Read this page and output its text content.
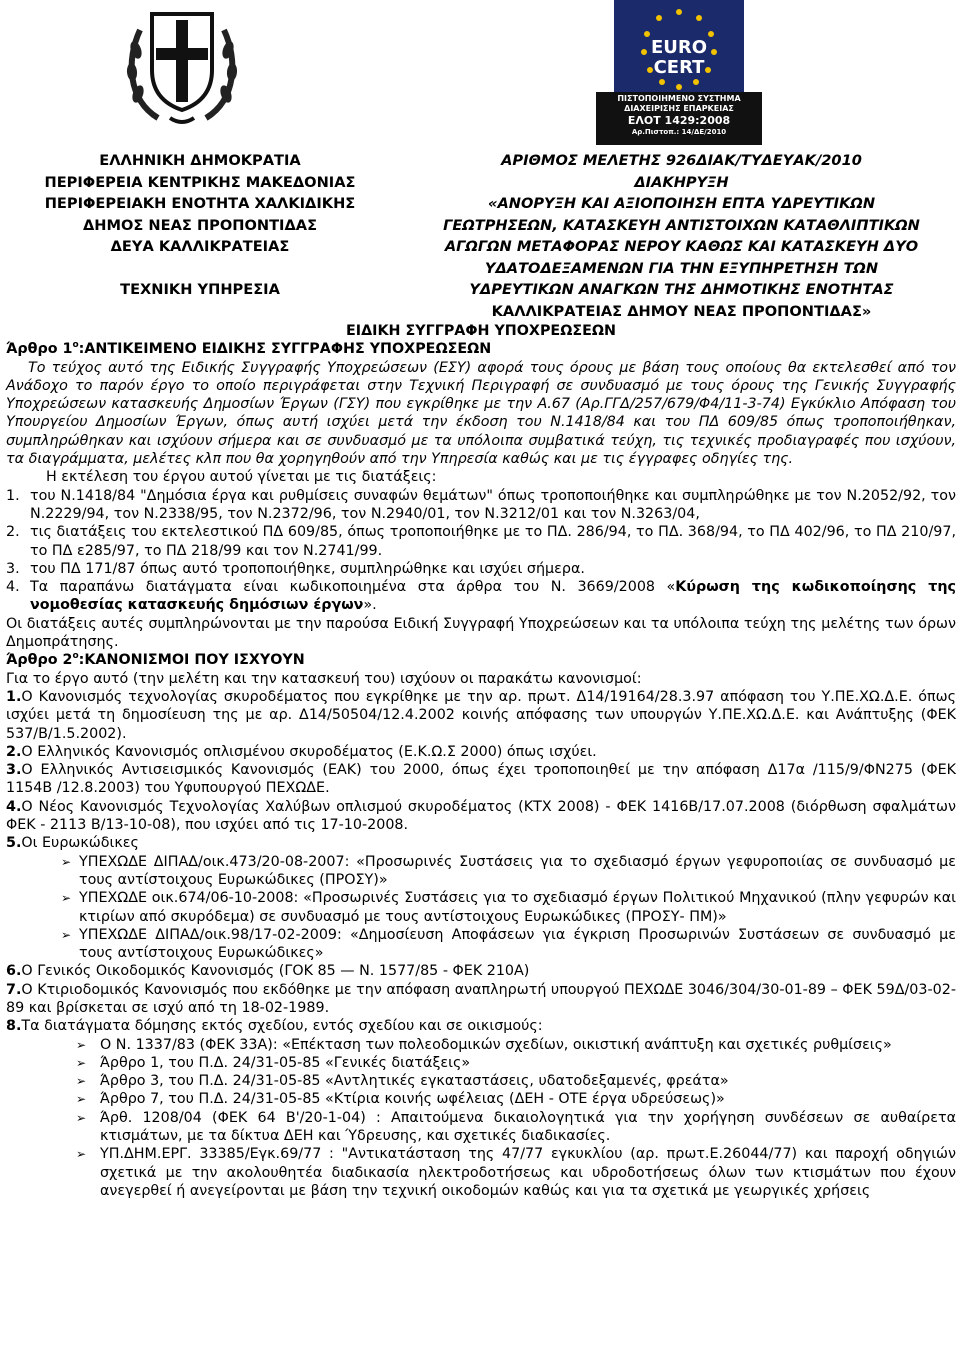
EURO
CERT
ΠΙΣΤΟΠΟΙΗΜΕΝΟ ΣΥΣΤΗΜΑ
ΔΙΑΧΕΙΡΙΣΗΣ ΕΠΑΡΚΕΙΑΣ
ΕΛΟΤ 1429:2008
Αρ.Πιστοπ.: 14/ΔΕ/2010
ΕΛΛΗΝΙΚΗ ΔΗΜΟΚΡΑΤΙΑ
ΠΕΡΙΦΕΡΕΙΑ ΚΕΝΤΡΙΚΗΣ ΜΑΚΕΔΟΝΙΑΣ
ΠΕΡΙΦΕΡΕΙΑΚΗ ΕΝΟΤΗΤΑ ΧΑΛΚΙΔΙΚΗΣ
ΔΗΜΟΣ ΝΕΑΣ ΠΡΟΠΟΝΤΙΔΑΣ
ΔΕΥΑ ΚΑΛΛΙΚΡΑΤΕΙΑΣ
ΤΕΧΝΙΚΗ ΥΠΗΡΕΣΙΑ
ΑΡΙΘΜΟΣ ΜΕΛΕΤΗΣ 926ΔΙΑΚ/ΤΥΔΕΥΑΚ/2010
ΔΙΑΚΗΡΥΞΗ
«ΑΝΟΡΥΞΗ ΚΑΙ ΑΞΙΟΠΟΙΗΣΗ ΕΠΤΑ ΥΔΡΕΥΤΙΚΩΝ
ΓΕΩΤΡΗΣΕΩΝ, ΚΑΤΑΣΚΕΥΗ ΑΝΤΙΣΤΟΙΧΩΝ ΚΑΤΑΘΛΙΠΤΙΚΩΝ
ΑΓΩΓΩΝ ΜΕΤΑΦΟΡΑΣ ΝΕΡΟΥ ΚΑΘΩΣ ΚΑΙ ΚΑΤΑΣΚΕΥΗ ΔΥΟ
ΥΔΑΤΟΔΕΞΑΜΕΝΩΝ ΓΙΑ ΤΗΝ ΕΞΥΠΗΡΕΤΗΣΗ ΤΩΝ
ΥΔΡΕΥΤΙΚΩΝ ΑΝΑΓΚΩΝ ΤΗΣ ΔΗΜΟΤΙΚΗΣ ΕΝΟΤΗΤΑΣ
ΚΑΛΛΙΚΡΑΤΕΙΑΣ ΔΗΜΟΥ ΝΕΑΣ ΠΡΟΠΟΝΤΙΔΑΣ»
ΕΙΔΙΚΗ ΣΥΓΓΡΑΦΗ ΥΠΟΧΡΕΩΣΕΩΝ

Άρθρο $1^o:ANTIKEIMENO$ ΕΙΔΙΚΗΣ ΣΥΓΓΡΑΦΗΣ ΥΠΟΧΡΕΩΣΕΩΝ

Το τεύχος αυτό της Ειδικής Συγγραφής Υποχρεώσεων (ΕΣΥ) αφορά τους όρους με βάση τους οποίους θα εκτελεσθεί από τον Ανάδοχο το παρόν έργο το οποίο περιγράφεται στην Τεχνική Περιγραφή σε συνδυασμό με τους όρους της Γενικής Συγγραφής Υποχρεώσεων κατασκευής Δημοσίων Έργων (ΓΣΥ) που εγκρίθηκε με την Α.67 (Αρ.ΓΓΔ/257/679/Φ4/11-3-74) Εγκύκλιο Απόφαση του Υπουργείου Δημοσίων Έργων, όπως αυτή ισχύει μετά την έκδοση του Ν.1418/84 και του ΠΔ 609/85 όπως τροποποιήθηκαν, συμπληρώθηκαν και ισχύουν σήμερα και σε συνδυασμό με τα υπόλοιπα συμβατικά τεύχη, τις τεχνικές προδιαγραφές που ισχύουν, τα διαγράμματα, μελέτες κλπ που θα χορηγηθούν από την Υπηρεσία καθώς και με τις έγγραφες οδηγίες της.

Η εκτέλεση του έργου αυτού γίνεται με τις διατάξεις:

1. του Ν.1418/84 "Δημόσια έργα και ρυθμίσεις συναφών θεμάτων" όπως τροποποιήθηκε και συμπληρώθηκε με τον Ν.2052/92, τον Ν.2229/94, τον Ν.2338/95, τον Ν.2372/96, τον Ν.2940/01, τον Ν.3212/01 και τον Ν.3263/04,
2. τις διατάξεις του εκτελεστικού ΠΔ 609/85, όπως τροποποιήθηκε με το ΠΔ. 286/94, το ΠΔ. 368/94, το ΠΔ 402/96, το ΠΔ 210/97, το ΠΔ ε285/97, το ΠΔ 218/99 και τον Ν.2741/99.
3. του ΠΔ 171/87 όπως αυτό τροποποιήθηκε, συμπληρώθηκε και ισχύει σήμερα.
4. Τα παραπάνω διατάγματα είναι κωδικοποιημένα στα άρθρα του Ν. 3669/2008 «Κύρωση της κωδικοποίησης της νομοθεσίας κατασκευής δημόσιων έργων».

Οι διατάξεις αυτές συμπληρώνονται με την παρούσα Ειδική Συγγραφή Υποχρεώσεων και τα υπόλοιπα τεύχη της μελέτης των όρων Δημοπράτησης.

Άρθρο $2^o:KANONI\Sigma MOI$ ΠΟΥ ΙΣΧΥΟΥΝ

Για το έργο αυτό (την μελέτη και την κατασκευή του) ισχύουν οι παρακάτω κανονισμοί:

1.Ο Κανονισμός τεχνολογίας σκυροδέματος που εγκρίθηκε με την αρ. πρωτ. Δ14/19164/28.3.97 απόφαση του Υ.ΠΕ.ΧΩ.Δ.Ε. όπως ισχύει μετά τη δημοσίευση της με αρ. Δ14/50504/12.4.2002 κοινής απόφασης των υπουργών Υ.ΠΕ.ΧΩ.Δ.Ε. και Ανάπτυξης (ΦΕΚ 537/Β/1.5.2002).

2.Ο Ελληνικός Κανονισμός οπλισμένου σκυροδέματος (Ε.Κ.Ω.Σ 2000) όπως ισχύει.

3.Ο Ελληνικός Αντισεισμικός Κανονισμός (ΕΑΚ) του 2000, όπως έχει τροποποιηθεί με την απόφαση Δ17α /115/9/ΦΝ275 (ΦΕΚ 1154Β /12.8.2003) του Υφυπουργού ΠΕΧΩΔΕ.

4.Ο Νέος Κανονισμός Τεχνολογίας Χαλύβων οπλισμού σκυροδέματος (ΚΤΧ 2008) - ΦΕΚ 1416Β/17.07.2008 (διόρθωση σφαλμάτων ΦΕΚ - 2113 Β/13-10-08), που ισχύει από τις 17-10-2008.

5.Οι Ευρωκώδικες

➢ ΥΠΕΧΩΔΕ ΔΙΠΑΔ/οικ.473/20-08-2007: «Προσωρινές Συστάσεις για το σχεδιασμό έργων γεφυροποιίας σε συνδυασμό με τους αντίστοιχους Ευρωκώδικες (ΠΡΟΣΥ)»
➢ ΥΠΕΧΩΔΕ οικ.674/06-10-2008: «Προσωρινές Συστάσεις για το σχεδιασμό έργων Πολιτικού Μηχανικού (πλην γεφυρών και κτιρίων από σκυρόδεμα) σε συνδυασμό με τους αντίστοιχους Ευρωκώδικες (ΠΡΟΣΥ- ΠΜ)»
➢ ΥΠΕΧΩΔΕ ΔΙΠΑΔ/οικ.98/17-02-2009: «Δημοσίευση Αποφάσεων για έγκριση Προσωρινών Συστάσεων σε συνδυασμό με τους αντίστοιχους Ευρωκώδικες»

6.Ο Γενικός Οικοδομικός Κανονισμός (ΓΟΚ 85 — Ν. 1577/85 - ΦΕΚ 210Α)

7.Ο Κτιριοδομικός Κανονισμός που εκδόθηκε με την απόφαση αναπληρωτή υπουργού ΠΕΧΩΔΕ 3046/304/30-01-89 – ΦΕΚ 59Δ/03-02-89 και βρίσκεται σε ισχύ από τη 18-02-1989.

8.Τα διατάγματα δόμησης εκτός σχεδίου, εντός σχεδίου και σε οικισμούς:

➢ Ο Ν. 1337/83 (ΦΕΚ 33Α): «Επέκταση των πολεοδομικών σχεδίων, οικιστική ανάπτυξη και σχετικές ρυθμίσεις»
➢ Άρθρο 1, του Π.Δ. 24/31-05-85 «Γενικές διατάξεις»
➢ Άρθρο 3, του Π.Δ. 24/31-05-85 «Αντλητικές εγκαταστάσεις, υδατοδεξαμενές, φρεάτα»
➢ Άρθρο 7, του Π.Δ. 24/31-05-85 «Κτίρια κοινής ωφέλειας (ΔΕΗ - ΟΤΕ έργα υδρεύσεως)»
➢ Άρθ. 1208/04 (ΦΕΚ 64 Β'/20-1-04) : Απαιτούμενα δικαιολογητικά για την χορήγηση συνδέσεων σε αυθαίρετα κτισμάτων, με τα δίκτυα ΔΕΗ και Ύδρευσης, και σχετικές διαδικασίες.
➢ ΥΠ.ΔΗΜ.ΕΡΓ. 33385/Εγκ.69/77 : "Αντικατάσταση της 47/77 εγκυκλίου (αρ. πρωτ.Ε.26044/77) και παροχή οδηγιών σχετικά με την ακολουθητέα διαδικασία ηλεκτροδοτήσεως και υδροδοτήσεως όλων των κτισμάτων που έχουν ανεγερθεί ή ανεγείρονται με βάση την τεχνική οικοδομών καθώς και για τα σχετικά με γεωργικές χρήσεις
